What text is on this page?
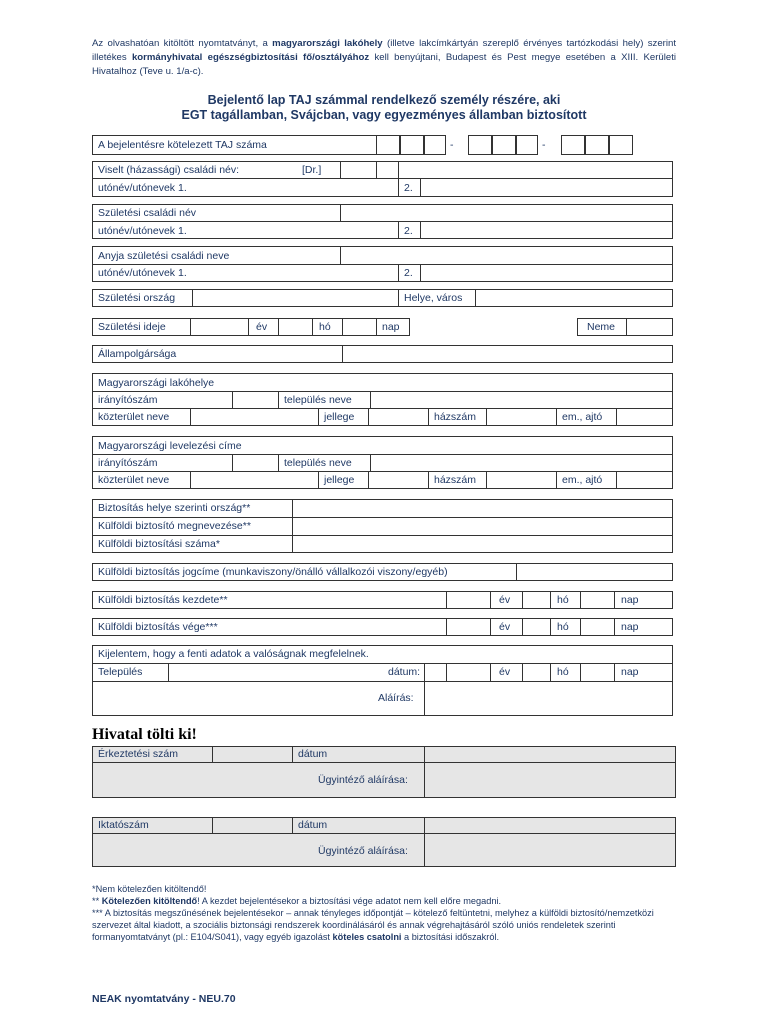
Az olvashatóan kitöltött nyomtatványt, a magyarországi lakóhely (illetve lakcímkártyán szereplő érvényes tartózkodási hely) szerint illetékes kormányhivatal egészségbiztosítási fő/osztályához kell benyújtani, Budapest és Pest megye esetében a XIII. Kerületi Hivatalhoz (Teve u. 1/a-c).
Bejelentő lap TAJ számmal rendelkező személy részére, aki
EGT tagállamban, Svájcban, vagy egyezményes államban biztosított
A bejelentésre kötelezett TAJ száma	-	-
Viselt (házassági) családi név:	[Dr.]
utónév/utónevek 1.	2.
Születési családi név
utónév/utónevek 1.	2.
Anyja születési családi neve
utónév/utónevek 1.	2.
Születési ország	Helye, város
Születési ideje	év	hó	nap	Neme
Állampolgársága
Magyarországi lakóhelye
irányítószám	település neve
közterület neve	jellege	házszám	em., ajtó
Magyarországi levelezési címe
irányítószám	település neve
közterület neve	jellege	házszám	em., ajtó
Biztosítás helye szerinti ország**
Külföldi biztosító megnevezése**
Külföldi biztosítási száma*
Külföldi biztosítás jogcíme (munkaviszony/önálló vállalkozói viszony/egyéb)
Külföldi biztosítás kezdete**	év	hó	nap
Külföldi biztosítás vége***	év	hó	nap
Kijelentem, hogy a fenti adatok a valóságnak megfelelnek.
Település	dátum:	év	hó	nap
Aláírás:
Hivatal tölti ki!
Érkeztetési szám	dátum
Ügyintéző aláírása:
Iktatószám	dátum
Ügyintéző aláírása:

*Nem kötelezően kitöltendő!

** Kötelezően kitöltendő! A kezdet bejelentésekor a biztosítási vége adatot nem kell előre megadni.

*** A biztosítás megszűnésének bejelentésekor – annak tényleges időpontját – kötelező feltüntetni, melyhez a külföldi biztosító/nemzetközi szervezet által kiadott, a szociális biztonsági rendszerek koordinálásáról és annak végrehajtásáról szóló uniós rendeletek szerinti formanyomtatványt (pl.: E104/S041), vagy egyéb igazolást köteles csatolni a biztosítási időszakról.

NEAK nyomtatvány - NEU.70
